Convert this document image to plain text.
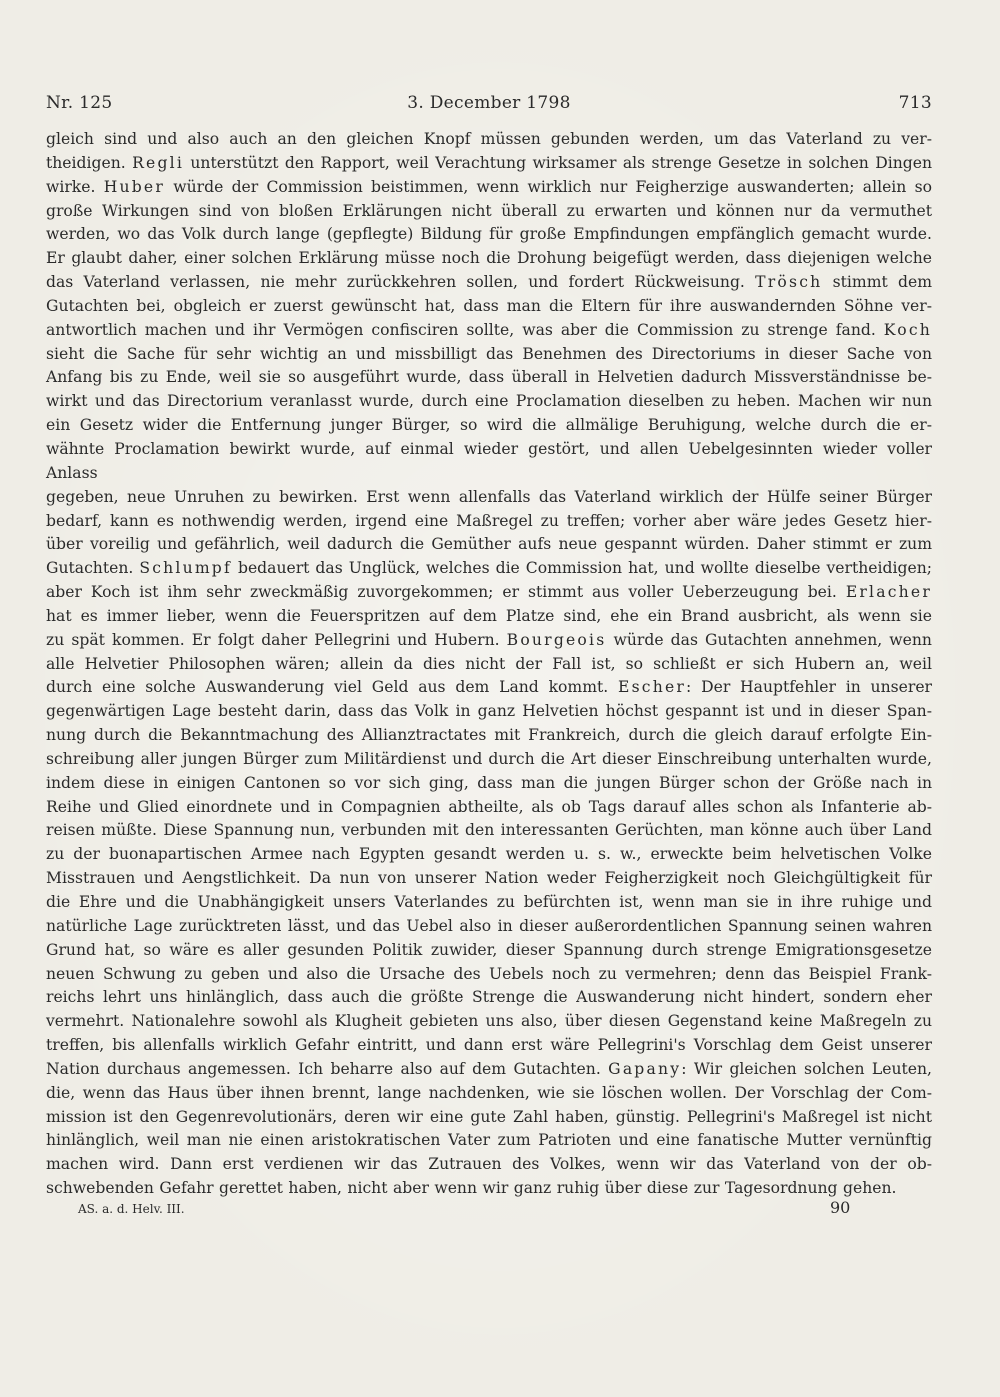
Nr. 125	3. December 1798	713

gleich sind und also auch an den gleichen Knopf müssen gebunden werden, um das Vaterland zu ver-

theidigen. Regli unterstützt den Rapport, weil Verachtung wirksamer als strenge Gesetze in solchen Dingen

wirke. Huber würde der Commission beistimmen, wenn wirklich nur Feigherzige auswanderten; allein so

große Wirkungen sind von bloßen Erklärungen nicht überall zu erwarten und können nur da vermuthet

werden, wo das Volk durch lange (gepflegte) Bildung für große Empfindungen empfänglich gemacht wurde.

Er glaubt daher, einer solchen Erklärung müsse noch die Drohung beigefügt werden, dass diejenigen welche

das Vaterland verlassen, nie mehr zurückkehren sollen, und fordert Rückweisung. Trösch stimmt dem

Gutachten bei, obgleich er zuerst gewünscht hat, dass man die Eltern für ihre auswandernden Söhne ver-

antwortlich machen und ihr Vermögen confisciren sollte, was aber die Commission zu strenge fand. Koch

sieht die Sache für sehr wichtig an und missbilligt das Benehmen des Directoriums in dieser Sache von

Anfang bis zu Ende, weil sie so ausgeführt wurde, dass überall in Helvetien dadurch Missverständnisse be-

wirkt und das Directorium veranlasst wurde, durch eine Proclamation dieselben zu heben. Machen wir nun

ein Gesetz wider die Entfernung junger Bürger, so wird die allmälige Beruhigung, welche durch die er-

wähnte Proclamation bewirkt wurde, auf einmal wieder gestört, und allen Uebelgesinnten wieder voller Anlass

gegeben, neue Unruhen zu bewirken. Erst wenn allenfalls das Vaterland wirklich der Hülfe seiner Bürger

bedarf, kann es nothwendig werden, irgend eine Maßregel zu treffen; vorher aber wäre jedes Gesetz hier-

über voreilig und gefährlich, weil dadurch die Gemüther aufs neue gespannt würden. Daher stimmt er zum

Gutachten. Schlumpf bedauert das Unglück, welches die Commission hat, und wollte dieselbe vertheidigen;

aber Koch ist ihm sehr zweckmäßig zuvorgekommen; er stimmt aus voller Ueberzeugung bei. Erlacher

hat es immer lieber, wenn die Feuerspritzen auf dem Platze sind, ehe ein Brand ausbricht, als wenn sie

zu spät kommen. Er folgt daher Pellegrini und Hubern. Bourgeois würde das Gutachten annehmen, wenn

alle Helvetier Philosophen wären; allein da dies nicht der Fall ist, so schließt er sich Hubern an, weil

durch eine solche Auswanderung viel Geld aus dem Land kommt. Escher: Der Hauptfehler in unserer

gegenwärtigen Lage besteht darin, dass das Volk in ganz Helvetien höchst gespannt ist und in dieser Span-

nung durch die Bekanntmachung des Allianztractates mit Frankreich, durch die gleich darauf erfolgte Ein-

schreibung aller jungen Bürger zum Militärdienst und durch die Art dieser Einschreibung unterhalten wurde,

indem diese in einigen Cantonen so vor sich ging, dass man die jungen Bürger schon der Größe nach in

Reihe und Glied einordnete und in Compagnien abtheilte, als ob Tags darauf alles schon als Infanterie ab-

reisen müßte. Diese Spannung nun, verbunden mit den interessanten Gerüchten, man könne auch über Land

zu der buonapartischen Armee nach Egypten gesandt werden u. s. w., erweckte beim helvetischen Volke

Misstrauen und Aengstlichkeit. Da nun von unserer Nation weder Feigherzigkeit noch Gleichgültigkeit für

die Ehre und die Unabhängigkeit unsers Vaterlandes zu befürchten ist, wenn man sie in ihre ruhige und

natürliche Lage zurücktreten lässt, und das Uebel also in dieser außerordentlichen Spannung seinen wahren

Grund hat, so wäre es aller gesunden Politik zuwider, dieser Spannung durch strenge Emigrationsgesetze

neuen Schwung zu geben und also die Ursache des Uebels noch zu vermehren; denn das Beispiel Frank-

reichs lehrt uns hinlänglich, dass auch die größte Strenge die Auswanderung nicht hindert, sondern eher

vermehrt. Nationalehre sowohl als Klugheit gebieten uns also, über diesen Gegenstand keine Maßregeln zu

treffen, bis allenfalls wirklich Gefahr eintritt, und dann erst wäre Pellegrini's Vorschlag dem Geist unserer

Nation durchaus angemessen. Ich beharre also auf dem Gutachten. Gapany: Wir gleichen solchen Leuten,

die, wenn das Haus über ihnen brennt, lange nachdenken, wie sie löschen wollen. Der Vorschlag der Com-

mission ist den Gegenrevolutionärs, deren wir eine gute Zahl haben, günstig. Pellegrini's Maßregel ist nicht

hinlänglich, weil man nie einen aristokratischen Vater zum Patrioten und eine fanatische Mutter vernünftig

machen wird. Dann erst verdienen wir das Zutrauen des Volkes, wenn wir das Vaterland von der ob-

schwebenden Gefahr gerettet haben, nicht aber wenn wir ganz ruhig über diese zur Tagesordnung gehen.

AS. a. d. Helv. III.	90
